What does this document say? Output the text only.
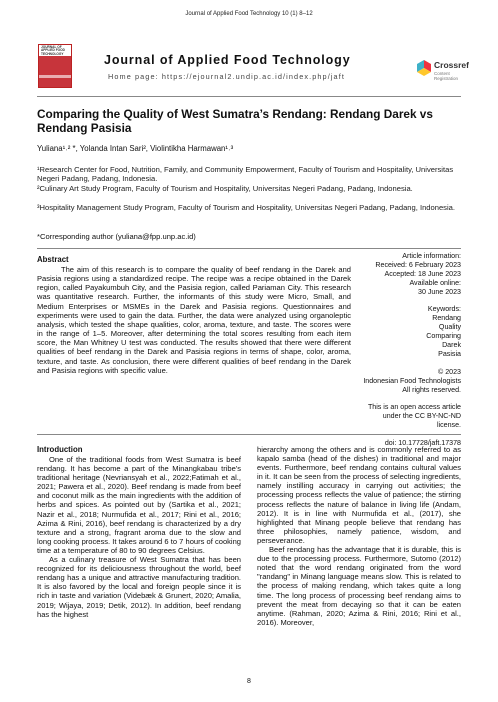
Journal of Applied Food Technology 10 (1) 8–12
JOURNAL OF APPLIED FOOD TECHNOLOGY	Journal of Applied Food Technology
Home page: https://ejournal2.undip.ac.id/index.php/jaft
Crossref
Content
Registration
Comparing the Quality of West Sumatra’s Rendang: Rendang Darek vs
Rendang Pasisia
Yuliana¹˒² *, Yolanda Intan Sari², Violintikha Harmawan¹˒³
¹Research Center for Food, Nutrition, Family, and Community Empowerment, Faculty of Tourism and Hospitality, Universitas Negeri Padang, Padang, Indonesia.
²Culinary Art Study Program, Faculty of Tourism and Hospitality, Universitas Negeri Padang, Padang, Indonesia.
³Hospitality Management Study Program, Faculty of Tourism and Hospitality, Universitas Negeri Padang, Padang, Indonesia.
*Corresponding author (yuliana@fpp.unp.ac.id)
Abstract
The aim of this research is to compare the quality of beef rendang in the Darek and Pasisia regions using a standardized recipe. The recipe was a recipe obtained in the Darek region, called Payakumbuh City, and the Pasisia region, called Pariaman City. This research was quantitative research. Further, the informants of this study were Micro, Small, and Medium Enterprises or MSMEs in the Darek and Pasisia regions. Questionnaires and experiments were used to gain the data. Further, the data were analyzed using organoleptic analysis, which tested the shape qualities, color, aroma, texture, and taste. The scores were in the range of 1–5. Moreover, after determining the total scores resulting from each item score, the Man Whitney U test was conducted. The results showed that there were different qualities of beef rendang in the Darek and Pasisia regions in terms of shape, color, aroma, texture, and taste. As conclusion, there were different qualities of beef rendang in the Darek and Pasisia regions with specific value.
Article information:
Received: 6 February 2023
Accepted: 18 June 2023
Available online:
30 June 2023
Keywords:
Rendang
Quality
Comparing
Darek
Pasisia
© 2023
Indonesian Food Technologists
All rights reserved.
This is an open access article
under the CC BY-NC-ND
license.
doi: 10.17728/jaft.17378
Introduction

One of the traditional foods from West Sumatra is beef rendang. It has become a part of the Minangkabau tribe's traditional heritage (Nevriansyah et al., 2022;Fatimah et al., 2021; Pawera et al., 2020). Beef rendang is made from beef and coconut milk as the main ingredients with the addition of herbs and spices. As pointed out by (Sartika et al., 2021; Nazir et al., 2018; Nurmufida et al., 2017; Rini et al., 2016; Azima & Rini, 2016), beef rendang is characterized by a dry texture and a strong, fragrant aroma due to the slow and long cooking process. It takes around 6 to 7 hours of cooking time at a temperature of 80 to 90 degrees Celsius.

As a culinary treasure of West Sumatra that has been recognized for its deliciousness throughout the world, beef rendang has a unique and attractive manufacturing tradition. It is also favored by the local and foreign people since it is rich in taste and variation (Videbæk & Grunert, 2020; Amalia, 2019; Wijaya, 2019; Detik, 2012). In addition, beef rendang has the highest

hierarchy among the others and is commonly referred to as kapalo samba (head of the dishes) in traditional and major events. Furthermore, beef rendang contains cultural values in it. It can be seen from the process of selecting ingredients, namely instilling accuracy in carrying out activities; the processing process reflects the value of patience; the stirring process reflects the nature of balance in living life (Andam, 2012). It is in line with Nurmufida et al., (2017), she highlighted that Minang people believe that rendang has three philosophies, namely patience, wisdom, and perseverance.

Beef rendang has the advantage that it is durable, this is due to the processing process. Furthermore, Sutomo (2012) noted that the word rendang originated from the word "randang" in Minang language means slow. This is related to the process of making rendang, which takes quite a long time. The long process of processing beef rendang aims to prevent the meat from decaying so that it can be eaten anytime. (Rahman, 2020; Azima & Rini, 2016; Rini et al., 2016). Moreover,

8
